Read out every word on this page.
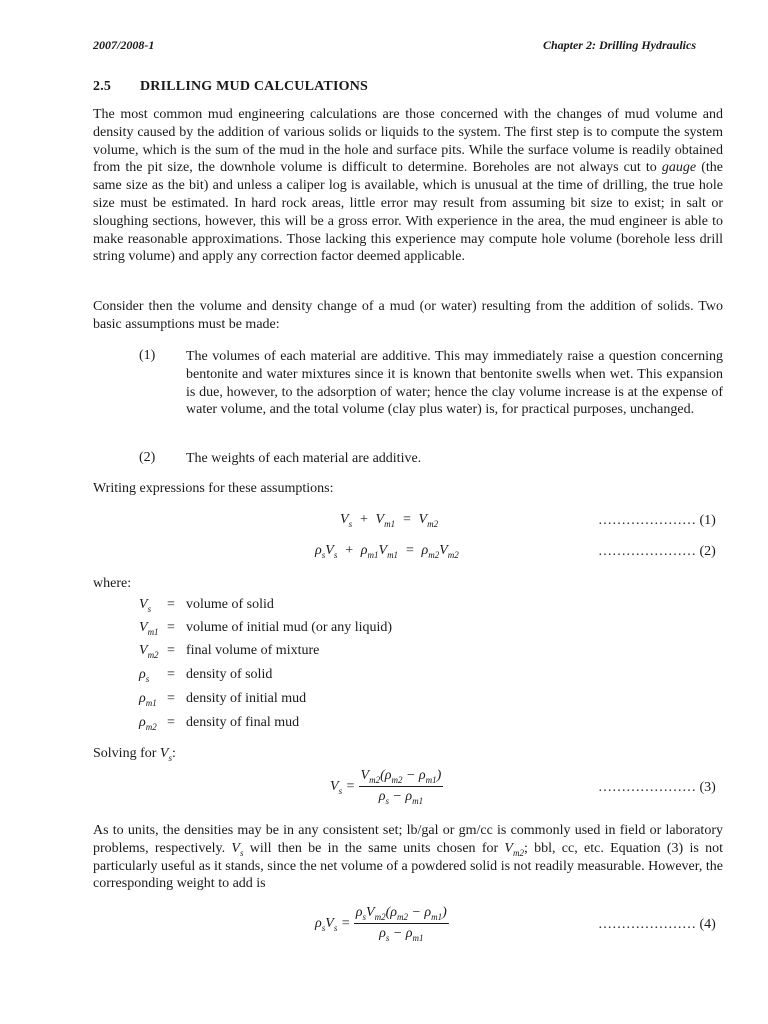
2007/2008-1	Chapter 2: Drilling Hydraulics
2.5 DRILLING MUD CALCULATIONS
The most common mud engineering calculations are those concerned with the changes of mud volume and density caused by the addition of various solids or liquids to the system. The first step is to compute the system volume, which is the sum of the mud in the hole and surface pits. While the surface volume is readily obtained from the pit size, the downhole volume is difficult to determine. Boreholes are not always cut to gauge (the same size as the bit) and unless a caliper log is available, which is unusual at the time of drilling, the true hole size must be estimated. In hard rock areas, little error may result from assuming bit size to exist; in salt or sloughing sections, however, this will be a gross error. With experience in the area, the mud engineer is able to make reasonable approximations. Those lacking this experience may compute hole volume (borehole less drill string volume) and apply any correction factor deemed applicable.
Consider then the volume and density change of a mud (or water) resulting from the addition of solids. Two basic assumptions must be made:
(1) The volumes of each material are additive. This may immediately raise a question concerning bentonite and water mixtures since it is known that bentonite swells when wet. This expansion is due, however, to the adsorption of water; hence the clay volume increase is at the expense of water volume, and the total volume (clay plus water) is, for practical purposes, unchanged.
(2) The weights of each material are additive.
Writing expressions for these assumptions:
$V_s + V_{m1} = V_{m2}$	………………… (1)
$\rho_sV_s + \rho_{m1}V_{m1} = \rho_{m2}V_{m2}$	………………… (2)
where:
$V_s$	= volume of solid
$V_{m1}$ = volume of initial mud (or any liquid)
$V_{m2}$ = final volume of mixture
$\rho_s$	= density of solid
$\rho_{m1}$ = density of initial mud
$\rho_{m2}$ = density of final mud
Solving for $V_s$:
$V_s = \frac{V_{m2}(\rho_{m2} - \rho_{m1})}{\rho_s - \rho_{m1}}$	………………… (3)
As to units, the densities may be in any consistent set; lb/gal or gm/cc is commonly used in field or laboratory problems, respectively. $V_s$ will then be in the same units chosen for $V_{m2}$; bbl, cc, etc. Equation (3) is not particularly useful as it stands, since the net volume of a powdered solid is not readily measurable. However, the corresponding weight to add is
$\rho_sV_s = \frac{\rho_sV_{m2}(\rho_{m2} - \rho_{m1})}{\rho_s - \rho_{m1}}$	………………… (4)
